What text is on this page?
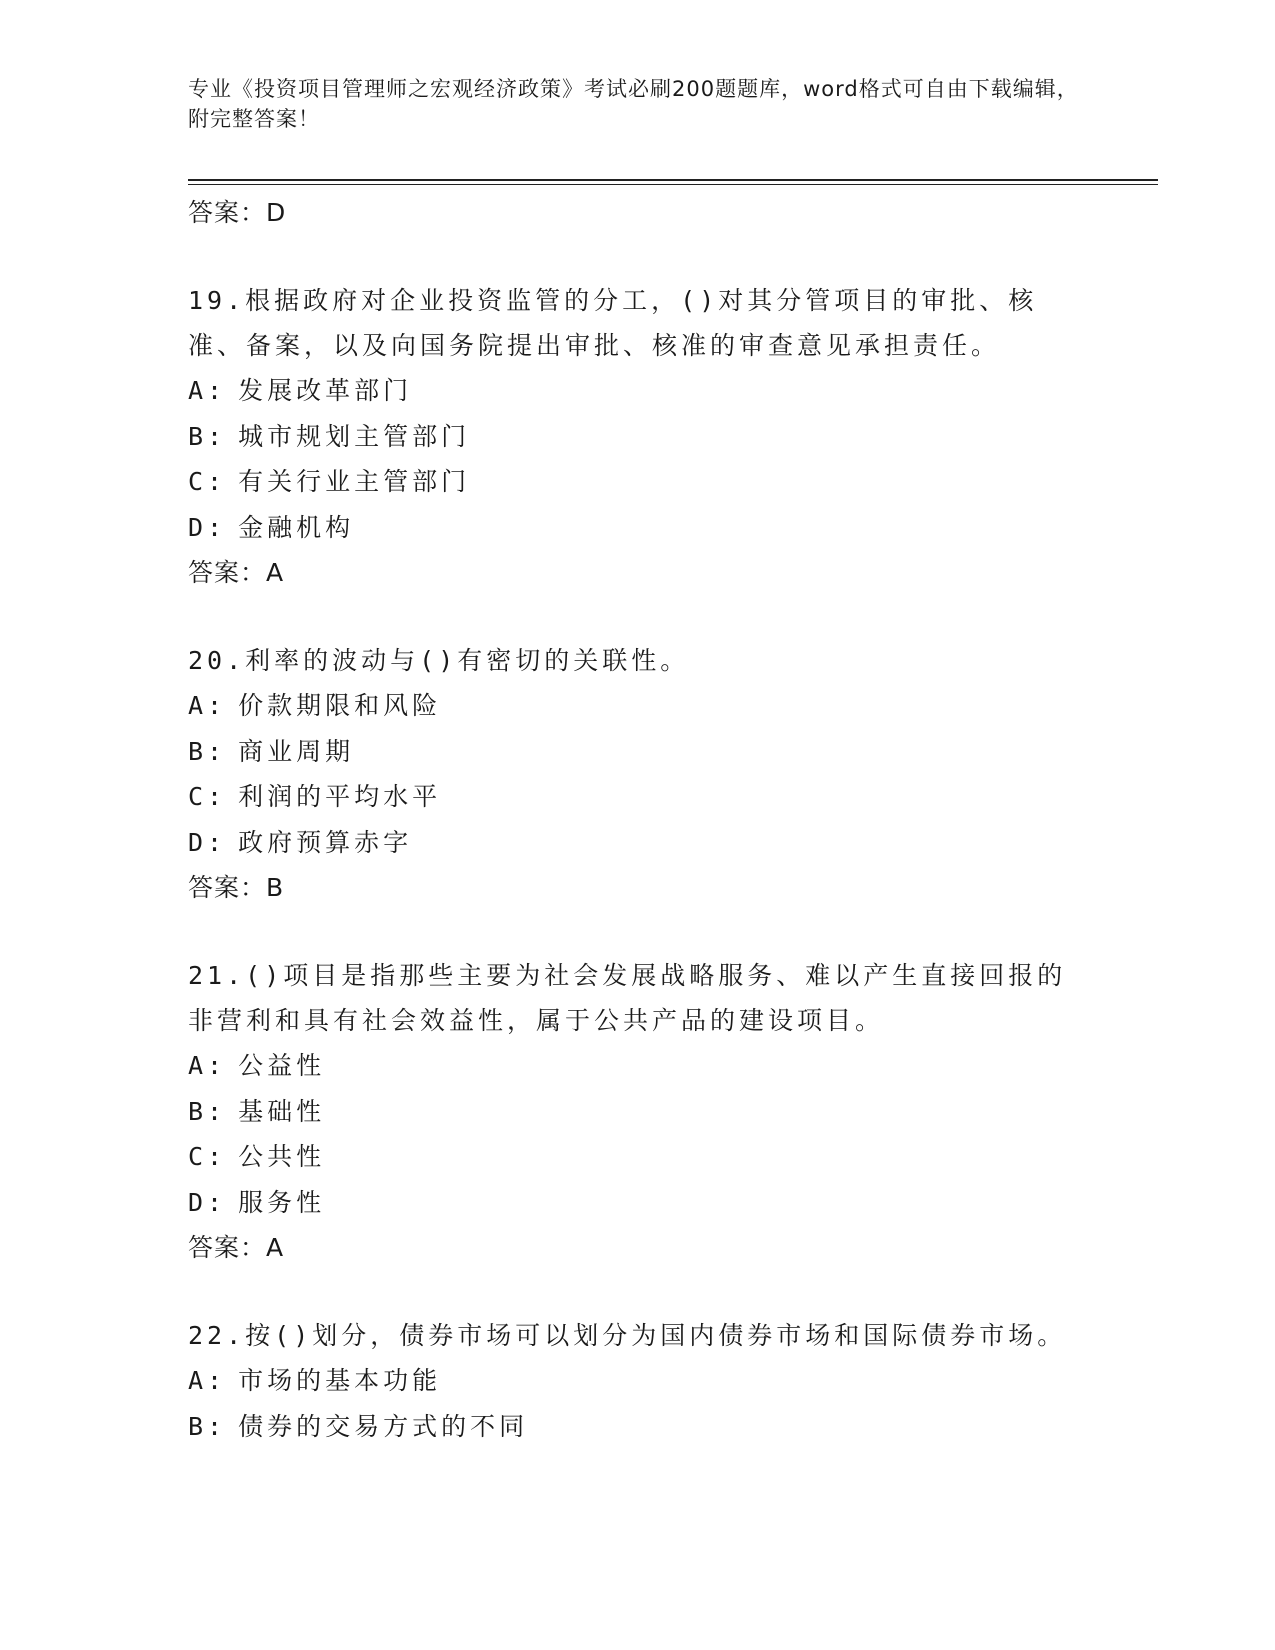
专业《投资项目管理师之宏观经济政策》考试必刷200题题库，word格式可自由下载编辑，附完整答案！

答案：D

19.根据政府对企业投资监管的分工，()对其分管项目的审批、核准、备案，以及向国务院提出审批、核准的审查意见承担责任。

A: 发展改革部门

B: 城市规划主管部门

C: 有关行业主管部门

D: 金融机构

答案：A

20.利率的波动与()有密切的关联性。

A: 价款期限和风险

B: 商业周期

C: 利润的平均水平

D: 政府预算赤字

答案：B

21.()项目是指那些主要为社会发展战略服务、难以产生直接回报的非营利和具有社会效益性，属于公共产品的建设项目。

A: 公益性

B: 基础性

C: 公共性

D: 服务性

答案：A

22.按()划分，债券市场可以划分为国内债券市场和国际债券市场。

A: 市场的基本功能

B: 债券的交易方式的不同
